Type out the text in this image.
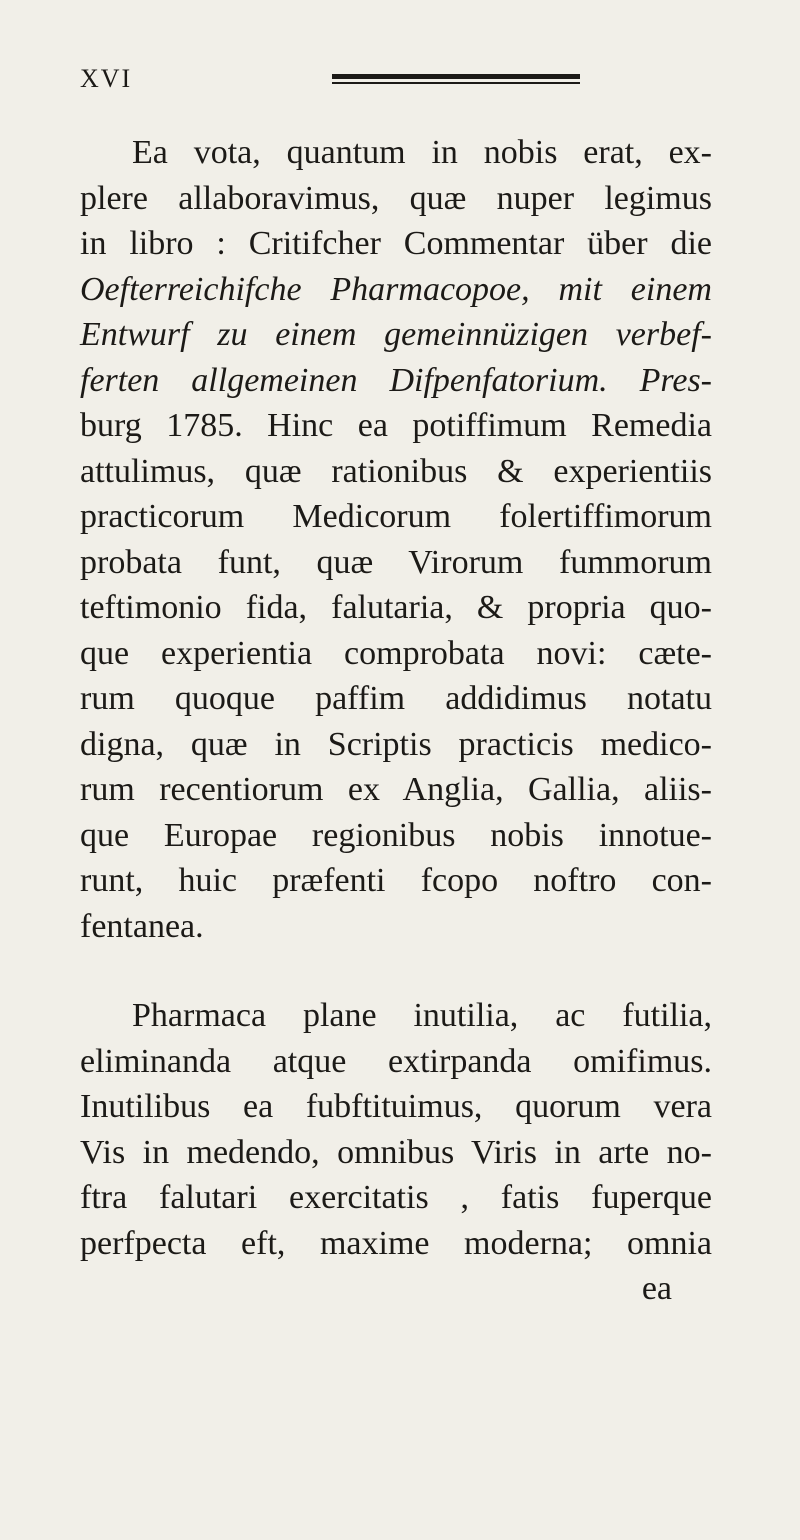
XVI
Ea vota, quantum in nobis erat, ex-
plere allaboravimus, quæ nuper legimus
in libro : Critifcher Commentar über die
Oefterreichifche Pharmacopoe, mit einem
Entwurf zu einem gemeinnüzigen verbef-
ferten allgemeinen Difpenfatorium. Pres-
burg 1785. Hinc ea potiffimum Remedia
attulimus, quæ rationibus & experientiis
practicorum Medicorum folertiffimorum
probata funt, quæ Virorum fummorum
teftimonio fida, falutaria, & propria quo-
que experientia comprobata novi: cæte-
rum quoque paffim addidimus notatu
digna, quæ in Scriptis practicis medico-
rum recentiorum ex Anglia, Gallia, aliis-
que Europae regionibus nobis innotue-
runt, huic præfenti fcopo noftro con-
fentanea.
Pharmaca plane inutilia, ac futilia,
eliminanda atque extirpanda omifimus.
Inutilibus ea fubftituimus, quorum vera
Vis in medendo, omnibus Viris in arte no-
ftra falutari exercitatis , fatis fuperque
perfpecta eft, maxime moderna; omnia
ea
